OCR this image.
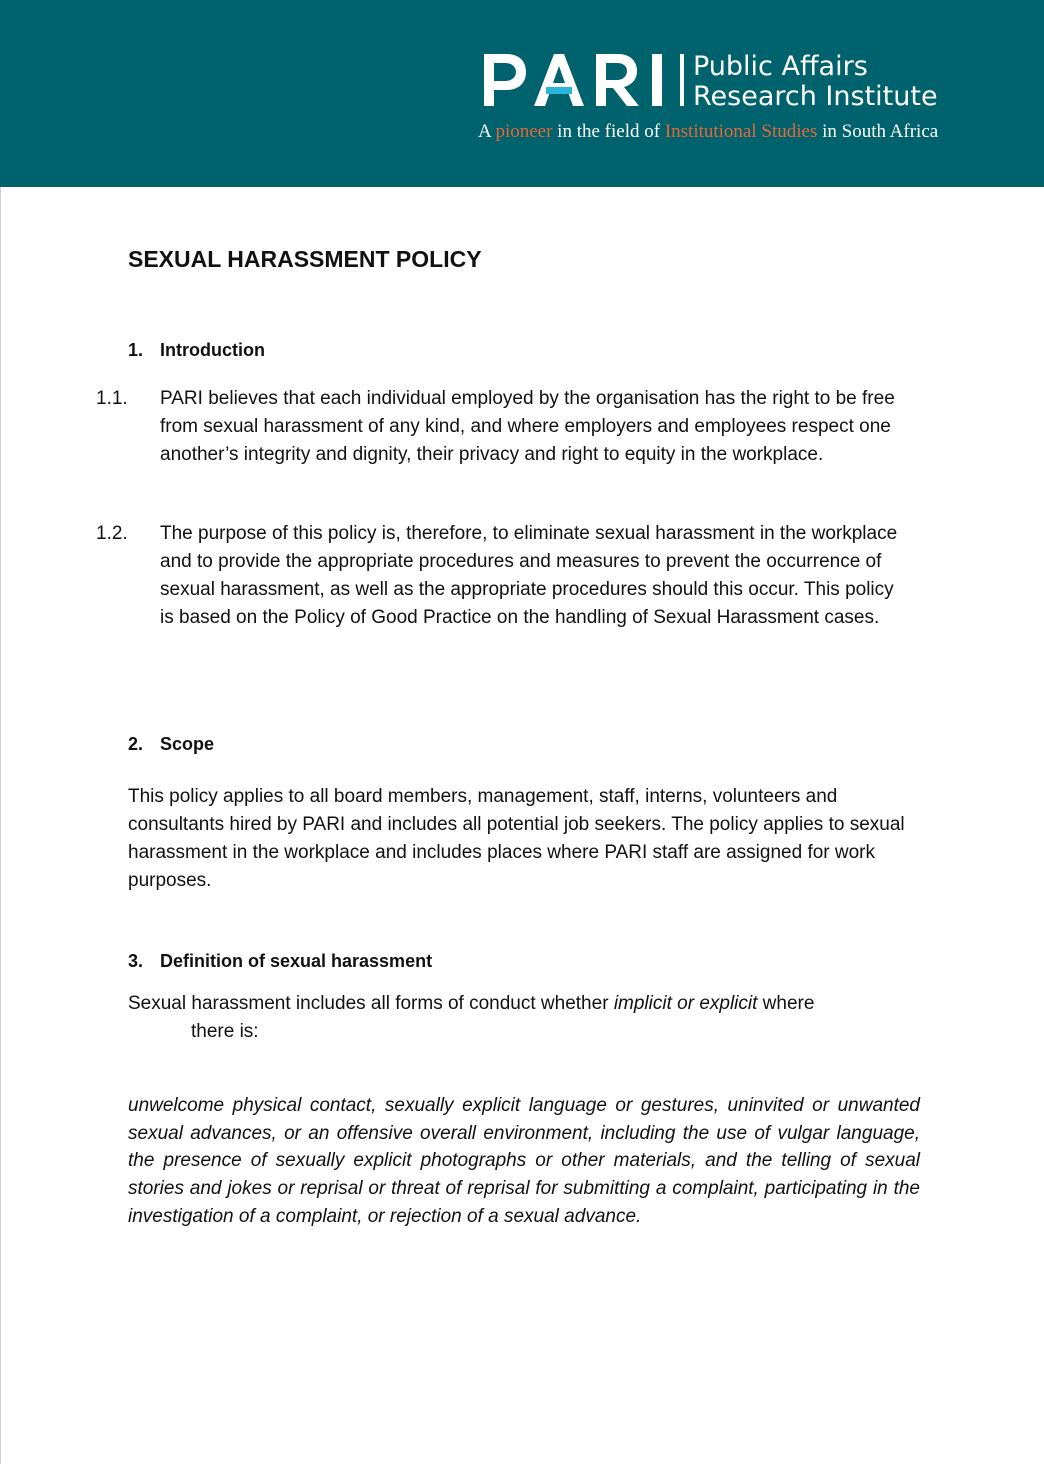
Public Affairs
Research Institute
A pioneer in the field of Institutional Studies in South Africa
SEXUAL HARASSMENT POLICY
1. Introduction
1.1. PARI believes that each individual employed by the organisation has the right to be free from sexual harassment of any kind, and where employers and employees respect one another’s integrity and dignity, their privacy and right to equity in the workplace.
1.2. The purpose of this policy is, therefore, to eliminate sexual harassment in the workplace and to provide the appropriate procedures and measures to prevent the occurrence of sexual harassment, as well as the appropriate procedures should this occur. This policy is based on the Policy of Good Practice on the handling of Sexual Harassment cases.
2. Scope
This policy applies to all board members, management, staff, interns, volunteers and consultants hired by PARI and includes all potential job seekers. The policy applies to sexual harassment in the workplace and includes places where PARI staff are assigned for work purposes.
3. Definition of sexual harassment
Sexual harassment includes all forms of conduct whether implicit or explicit where
there is:
unwelcome physical contact, sexually explicit language or gestures, uninvited or unwanted sexual advances, or an offensive overall environment, including the use of vulgar language, the presence of sexually explicit photographs or other materials, and the telling of sexual stories and jokes or reprisal or threat of reprisal for submitting a complaint, participating in the investigation of a complaint, or rejection of a sexual advance.
